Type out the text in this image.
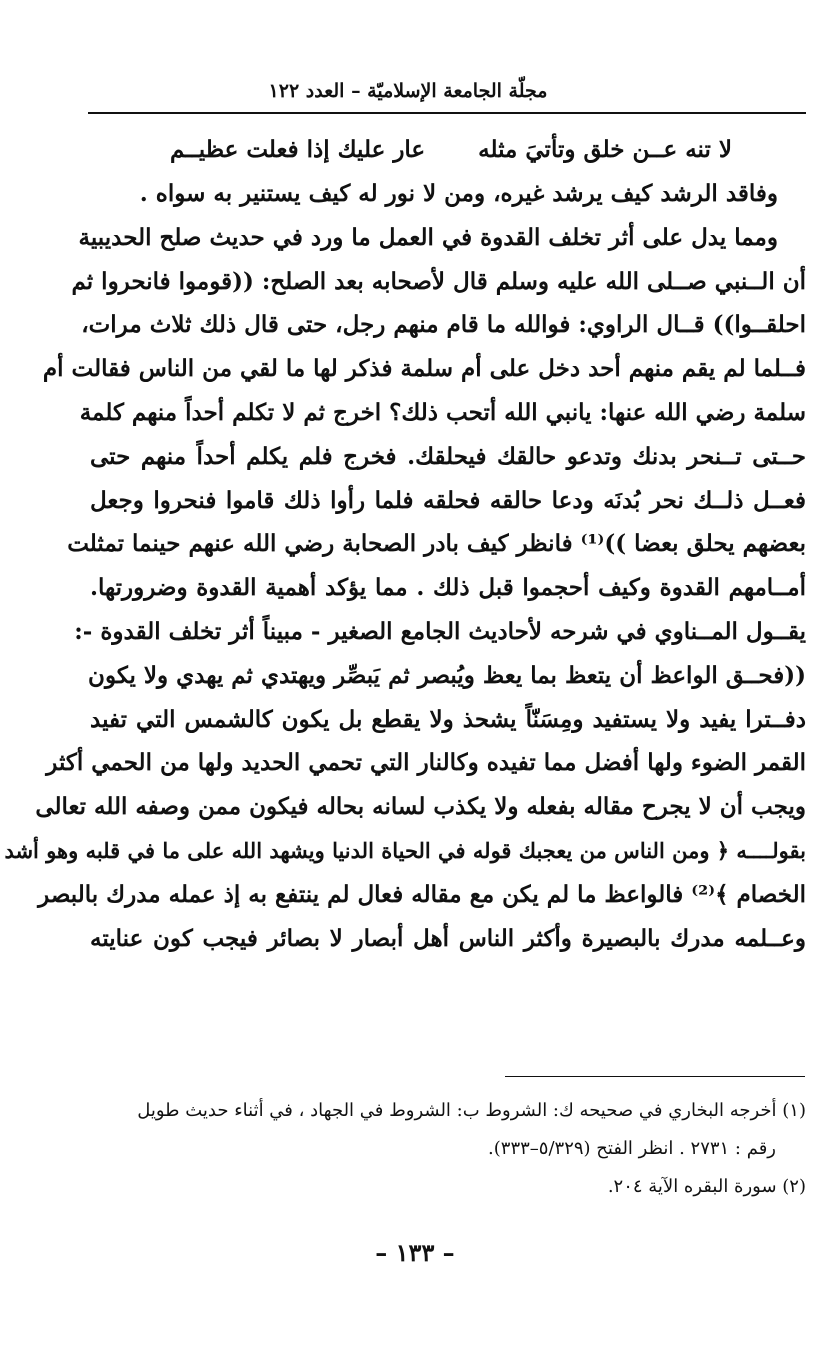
مجلّة الجامعة الإسلاميّة – العدد ١٢٢
لا تنه عــن خلق وتأتيَ مثله
عار عليك إذا فعلت عظيــم
وفاقد الرشد كيف يرشد غيره، ومن لا نور له كيف يستنير به سواه .
ومما يدل على أثر تخلف القدوة في العمل ما ورد في حديث صلح الحديبية
أن الــنبي صــلى الله عليه وسلم قال لأصحابه بعد الصلح: ((قوموا فانحروا ثم
احلقــوا)) قــال الراوي: فوالله ما قام منهم رجل، حتى قال ذلك ثلاث مرات،
فــلما لم يقم منهم أحد دخل على أم سلمة فذكر لها ما لقي من الناس فقالت أم
سلمة رضي الله عنها: يانبي الله أتحب ذلك؟ اخرج ثم لا تكلم أحداً منهم كلمة
حــتى تــنحر بدنك وتدعو حالقك فيحلقك. فخرج فلم يكلم أحداً منهم حتى
فعــل ذلــك نحر بُدنَه ودعا حالقه فحلقه فلما رأوا ذلك قاموا فنحروا وجعل
بعضهم يحلق بعضا ))⁽¹⁾ فانظر كيف بادر الصحابة رضي الله عنهم حينما تمثلت
أمــامهم القدوة وكيف أحجموا قبل ذلك . مما يؤكد أهمية القدوة وضرورتها.
يقــول المــناوي في شرحه لأحاديث الجامع الصغير - مبيناً أثر تخلف القدوة -:
((فحــق الواعظ أن يتعظ بما يعظ ويُبصر ثم يَبصِّر ويهتدي ثم يهدي ولا يكون
دفــترا يفيد ولا يستفيد ومِسَنّاً يشحذ ولا يقطع بل يكون كالشمس التي تفيد
القمر الضوء ولها أفضل مما تفيده وكالنار التي تحمي الحديد ولها من الحمي أكثر
ويجب أن لا يجرح مقاله بفعله ولا يكذب لسانه بحاله فيكون ممن وصفه الله تعالى
بقولــــه ﴿ ومن الناس من يعجبك قوله في الحياة الدنيا ويشهد الله على ما في قلبه وهو أشد
الخصام ﴾⁽²⁾ فالواعظ ما لم يكن مع مقاله فعال لم ينتفع به إذ عمله مدرك بالبصر
وعــلمه مدرك بالبصيرة وأكثر الناس أهل أبصار لا بصائر فيجب كون عنايته
(١) أخرجه البخاري في صحيحه ك: الشروط ب: الشروط في الجهاد ، في أثناء حديث طويل
رقم : ٢٧٣١ . انظر الفتح (٥/٣٢٩–٣٣٣).
(٢) سورة البقره الآية ٢٠٤.
– ١٣٣ –
